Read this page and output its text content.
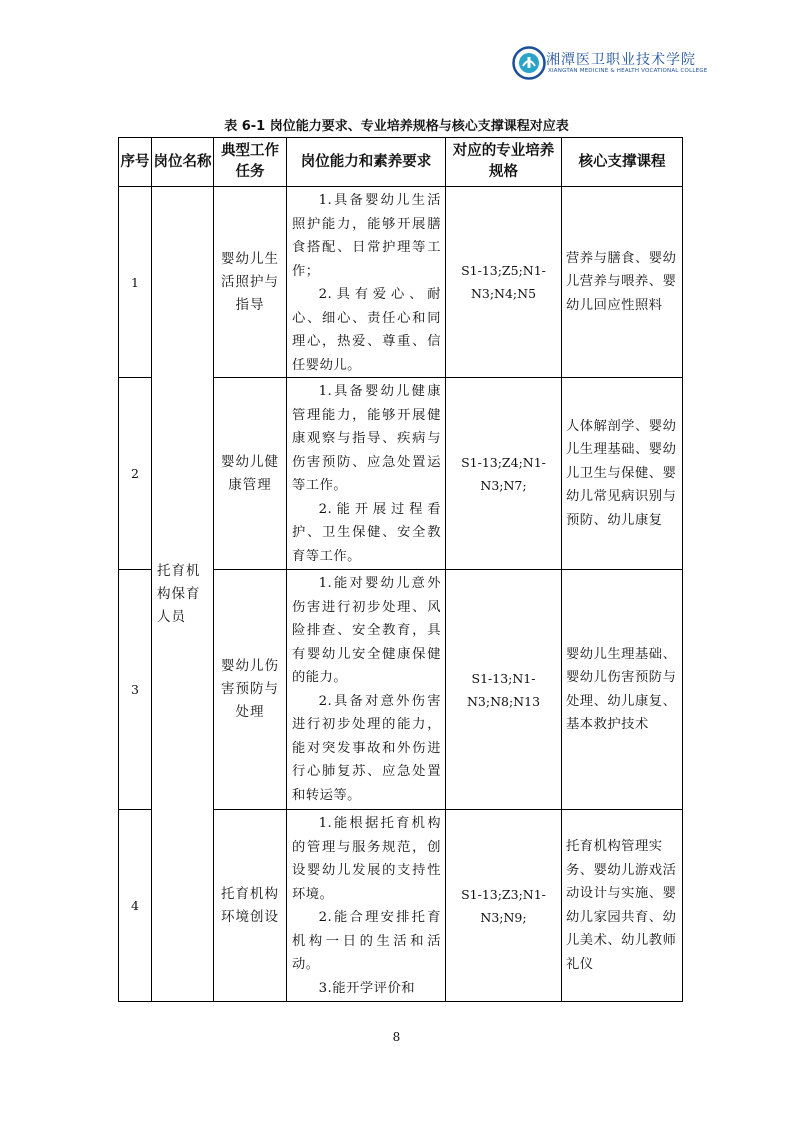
湘潭医卫职业技术学院
XIANGTAN MEDICINE & HEALTH VOCATIONAL COLLEGE
表 6-1 岗位能力要求、专业培养规格与核心支撑课程对应表
序号	岗位名称	典型工作任务	岗位能力和素养要求	对应的专业培养规格	核心支撑课程
1	托育机构保育人员	婴幼儿生活照护与指导	1.具备婴幼儿生活照护能力，能够开展膳食搭配、日常护理等工作；

2.具有爱心、耐心、细心、责任心和同理心，热爱、尊重、信任婴幼儿。	S1-13;Z5;N1-N3;N4;N5	营养与膳食、婴幼儿营养与喂养、婴幼儿回应性照料
2		婴幼儿健康管理	1.具备婴幼儿健康管理能力，能够开展健康观察与指导、疾病与伤害预防、应急处置运等工作。

2.能开展过程看护、卫生保健、安全教育等工作。	S1-13;Z4;N1-N3;N7;	人体解剖学、婴幼儿生理基础、婴幼儿卫生与保健、婴幼儿常见病识别与预防、幼儿康复
3		婴幼儿伤害预防与处理	1.能对婴幼儿意外伤害进行初步处理、风险排查、安全教育，具有婴幼儿安全健康保健的能力。

2.具备对意外伤害进行初步处理的能力，能对突发事故和外伤进行心肺复苏、应急处置和转运等。	S1-13;N1-N3;N8;N13	婴幼儿生理基础、婴幼儿伤害预防与处理、幼儿康复、基本救护技术
4		托育机构环境创设	1.能根据托育机构的管理与服务规范，创设婴幼儿发展的支持性环境。

2.能合理安排托育机构一日的生活和活动。

3.能开学评价和	S1-13;Z3;N1-N3;N9;	托育机构管理实务、婴幼儿游戏活动设计与实施、婴幼儿家园共育、幼儿美术、幼儿教师礼仪
8
